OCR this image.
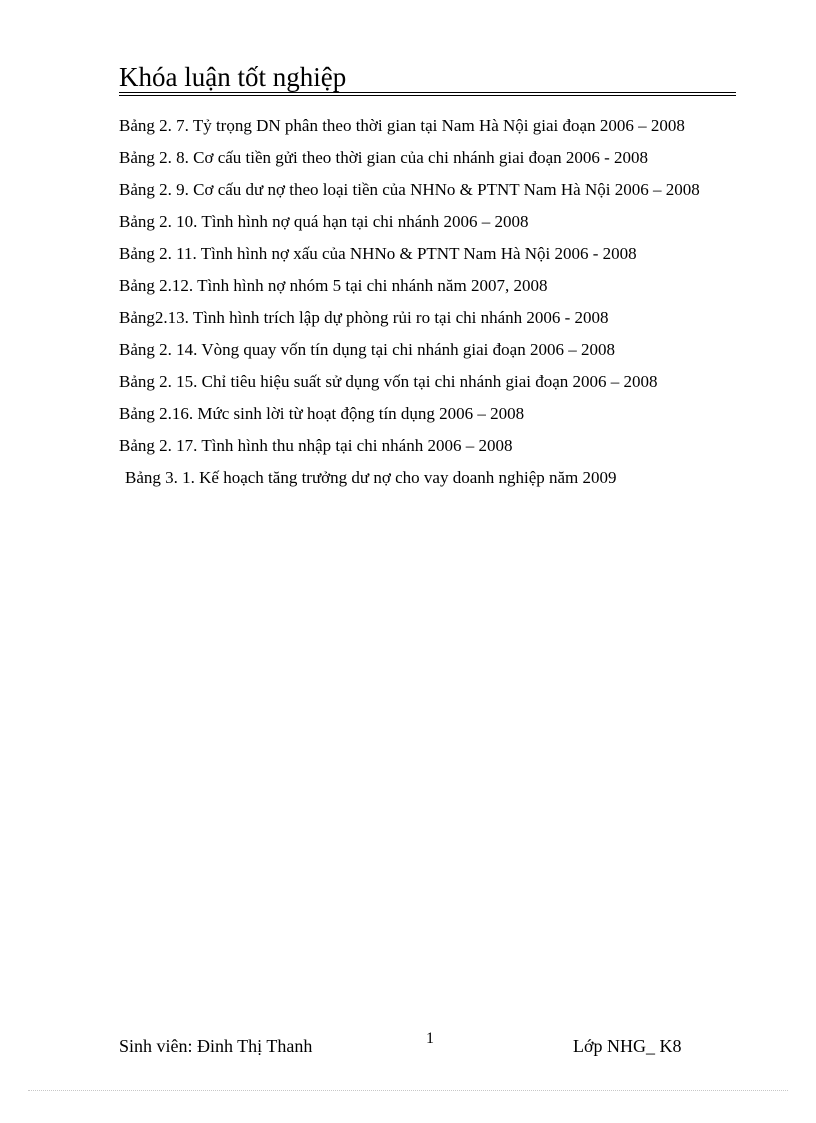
Khóa luận tốt nghiệp
Bảng 2. 7. Tỷ trọng DN phân theo thời gian tại Nam Hà Nội giai đoạn 2006 – 2008
Bảng 2. 8. Cơ cấu tiền gửi theo thời gian của chi nhánh giai đoạn 2006 - 2008
Bảng 2. 9. Cơ cấu dư nợ theo loại tiền của NHNo & PTNT Nam Hà Nội 2006 – 2008
Bảng 2. 10. Tình hình nợ quá hạn tại chi nhánh 2006 – 2008
Bảng 2. 11. Tình hình nợ xấu của NHNo & PTNT Nam Hà Nội 2006 - 2008
Bảng 2.12. Tình hình nợ nhóm 5 tại chi nhánh năm 2007, 2008
Bảng2.13. Tình hình trích lập dự phòng rủi ro tại chi nhánh 2006 - 2008
Bảng 2. 14. Vòng quay vốn tín dụng tại chi nhánh giai đoạn 2006 – 2008
Bảng 2. 15. Chỉ tiêu hiệu suất sử dụng vốn tại chi nhánh giai đoạn 2006 – 2008
Bảng 2.16. Mức sinh lời từ hoạt động tín dụng 2006 – 2008
Bảng 2. 17. Tình hình thu nhập tại chi nhánh 2006 – 2008
Bảng 3. 1. Kế hoạch tăng trưởng dư nợ cho vay doanh nghiệp năm 2009
Sinh viên: Đinh Thị Thanh	1	Lớp NHG_ K8
